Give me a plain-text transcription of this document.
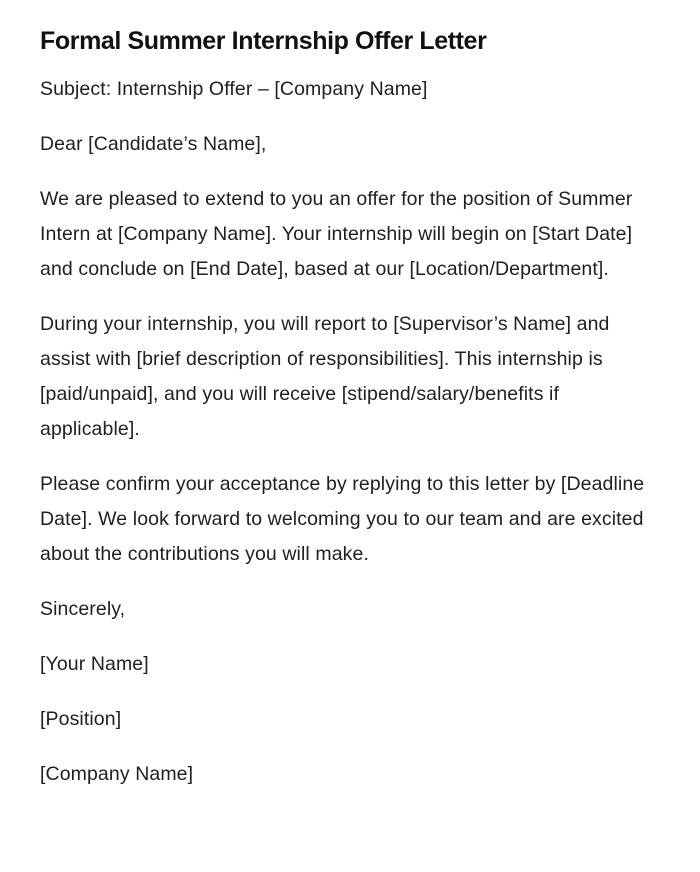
Formal Summer Internship Offer Letter

Subject: Internship Offer – [Company Name]

Dear [Candidate’s Name],

We are pleased to extend to you an offer for the position of Summer Intern at [Company Name]. Your internship will begin on [Start Date] and conclude on [End Date], based at our [Location/Department].

During your internship, you will report to [Supervisor’s Name] and assist with [brief description of responsibilities]. This internship is [paid/unpaid], and you will receive [stipend/salary/benefits if applicable].

Please confirm your acceptance by replying to this letter by [Deadline Date]. We look forward to welcoming you to our team and are excited about the contributions you will make.

Sincerely,

[Your Name]

[Position]

[Company Name]
